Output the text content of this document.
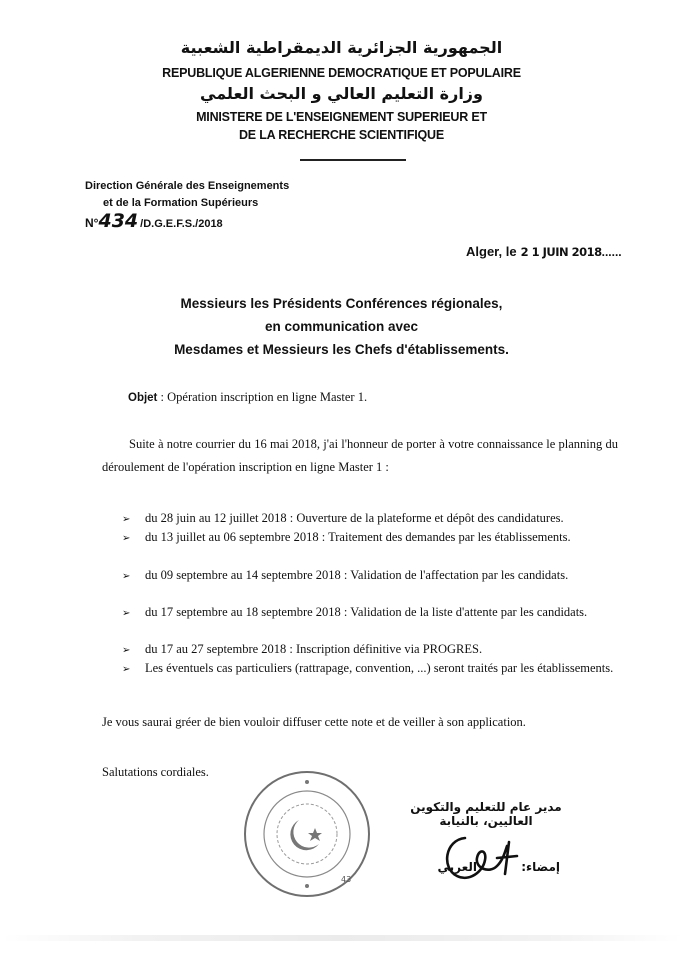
الجمهورية الجزائرية الديمقراطية الشعبية
REPUBLIQUE ALGERIENNE DEMOCRATIQUE ET POPULAIRE
وزارة التعليم العالي و البحث العلمي
MINISTERE DE L'ENSEIGNEMENT SUPERIEUR ET
DE LA RECHERCHE SCIENTIFIQUE
Direction Générale des Enseignements
et de la Formation Supérieurs
N°434 /D.G.E.F.S./2018
Alger, le 2 1 JUIN 2018......
Messieurs les Présidents Conférences régionales,
en communication avec
Mesdames et Messieurs les Chefs d'établissements.
Objet : Opération inscription en ligne Master 1.
Suite à notre courrier du 16 mai 2018, j'ai l'honneur de porter à votre connaissance le planning du déroulement de l'opération inscription en ligne Master 1 :
➢ du 28 juin au 12 juillet 2018 : Ouverture de la plateforme et dépôt des candidatures.
➢ du 13 juillet au 06 septembre 2018 : Traitement des demandes par les établissements.
➢ du 09 septembre au 14 septembre 2018 : Validation de l'affectation par les candidats.
➢ du 17 septembre au 18 septembre 2018 : Validation de la liste d'attente par les candidats.
➢ du 17 au 27 septembre 2018 : Inscription définitive via PROGRES.
➢ Les éventuels cas particuliers (rattrapage, convention, ...) seront traités par les établissements.
Je vous saurai gréer de bien vouloir diffuser cette note et de veiller à son application.
Salutations cordiales.
43
مدير عام للتعليم والتكوين العاليين، بالنيابة
إمضاء: العربي
